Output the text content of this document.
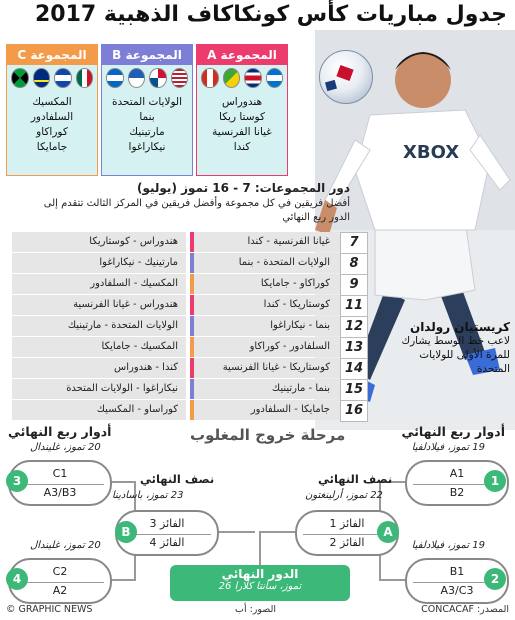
جدول مباريات كأس كونكاكاف الذهبية 2017
XBOX
كريستيان رولدان
لاعب خط الوسط يشارك للمرة الأولى للولايات المتحدة
المجموعة A
هندوراس
كوستا ريكا
غيانا الفرنسية
كندا
المجموعة B
الولايات المتحدة
بنما
مارتينيك
نيكاراغوا
المجموعة C
المكسيك
السلفادور
كوراكاو
جامايكا
دور المجموعات: 7 - 16 تموز (يوليو)
أفضل فريقين في كل مجموعة وأفضل فريقين في المركز الثالث تتقدم إلى الدور ربع النهائي
7
غيانا الفرنسية - كندا
هندوراس - كوستاريكا
8
الولايات المتحدة - بنما
مارتينيك - نيكاراغوا
9
كوراكاو - جامايكا
المكسيك - السلفادور
11
كوستاريكا - كندا
هندوراس - غيانا الفرنسية
12
بنما - نيكاراغوا
الولايات المتحدة - مارتينيك
13
السلفادور - كوراكاو
المكسيك - جامايكا
14
كوستاريكا - غيانا الفرنسية
كندا - هندوراس
15
بنما - مارتينيك
نيكاراغوا - الولايات المتحدة
16
جامايكا - السلفادور
كوراساو - المكسيك
مرحلة خروج المغلوب	أدوار ربع النهائي
أدوار ربع النهائي
19 تموز، فيلادلفيا
A1
B2
1
19 تموز، فيلادلفيا
B1
A3/C3
2
20 تموز، غليندال
C1
A3/B3
3
20 تموز، غليندال
C2
A2
4
نصف النهائي
22 تموز، أرلينغتون
الفائز 1
الفائز 2
A
نصف النهائي
23 تموز، باسادينا
الفائز 3
الفائز 4
B
الدور النهائي
26 تموز، سانتا كلارا
© GRAPHIC NEWS	الصور: أب	المصدر: CONCACAF
